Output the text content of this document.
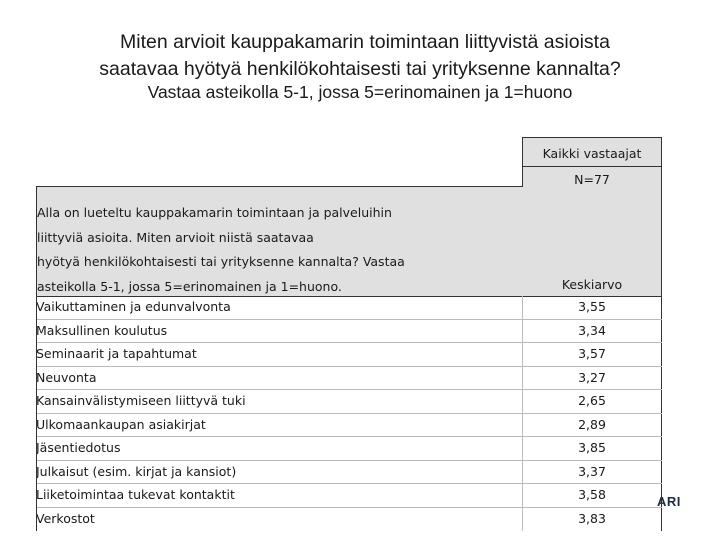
Miten arvioit kauppakamarin toimintaan liittyvistä asioista
saatavaa hyötyä henkilökohtaisesti tai yrityksenne kannalta?
Vastaa asteikolla 5-1, jossa 5=erinomainen ja 1=huono
Kaikki vastaajat
N=77
Keskiarvo
Alla on lueteltu kauppakamarin toimintaan ja palveluihin
liittyviä asioita. Miten arvioit niistä saatavaa
hyötyä henkilökohtaisesti tai yrityksenne kannalta? Vastaa
asteikolla 5-1, jossa 5=erinomainen ja 1=huono.
Vaikuttaminen ja edunvalvonta	3,55
Maksullinen koulutus	3,34
Seminaarit ja tapahtumat	3,57
Neuvonta	3,27
Kansainvälistymiseen liittyvä tuki	2,65
Ulkomaankaupan asiakirjat	2,89
Jäsentiedotus	3,85
Julkaisut (esim. kirjat ja kansiot)	3,37
Liiketoimintaa tukevat kontaktit	3,58
Verkostot	3,83
ARI
